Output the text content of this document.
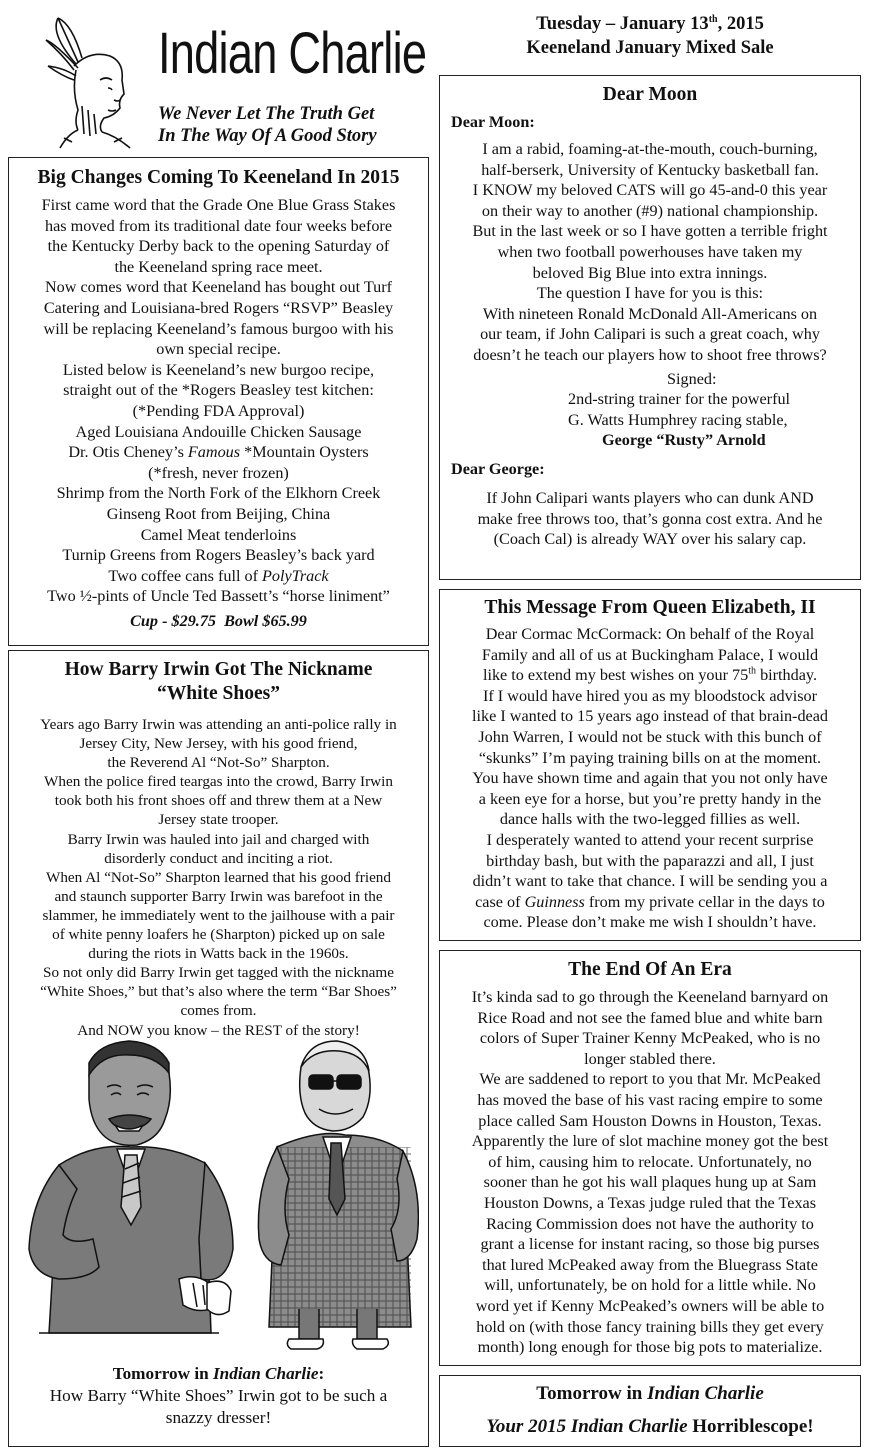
Indian Charlie
We Never Let The Truth Get
In The Way Of A Good Story
Tuesday – January 13th, 2015
Keeneland January Mixed Sale
Big Changes Coming To Keeneland In 2015
First came word that the Grade One Blue Grass Stakes
has moved from its traditional date four weeks before
the Kentucky Derby back to the opening Saturday of
the Keeneland spring race meet.
Now comes word that Keeneland has bought out Turf
Catering and Louisiana-bred Rogers “RSVP” Beasley
will be replacing Keeneland’s famous burgoo with his
own special recipe.
Listed below is Keeneland’s new burgoo recipe,
straight out of the *Rogers Beasley test kitchen:
(*Pending FDA Approval)
Aged Louisiana Andouille Chicken Sausage
Dr. Otis Cheney’s Famous *Mountain Oysters
(*fresh, never frozen)
Shrimp from the North Fork of the Elkhorn Creek
Ginseng Root from Beijing, China
Camel Meat tenderloins
Turnip Greens from Rogers Beasley’s back yard
Two coffee cans full of PolyTrack
Two ½-pints of Uncle Ted Bassett’s “horse liniment”
Cup - $29.75  Bowl $65.99
How Barry Irwin Got The Nickname
“White Shoes”
Years ago Barry Irwin was attending an anti-police rally in
Jersey City, New Jersey, with his good friend,
the Reverend Al “Not-So” Sharpton.
When the police fired teargas into the crowd, Barry Irwin
took both his front shoes off and threw them at a New
Jersey state trooper.
Barry Irwin was hauled into jail and charged with
disorderly conduct and inciting a riot.
When Al “Not-So” Sharpton learned that his good friend
and staunch supporter Barry Irwin was barefoot in the
slammer, he immediately went to the jailhouse with a pair
of white penny loafers he (Sharpton) picked up on sale
during the riots in Watts back in the 1960s.
So not only did Barry Irwin get tagged with the nickname
“White Shoes,” but that’s also where the term “Bar Shoes”
comes from.
And NOW you know – the REST of the story!
Tomorrow in Indian Charlie:
How Barry “White Shoes” Irwin got to be such a
snazzy dresser!
Dear Moon
Dear Moon:
I am a rabid, foaming-at-the-mouth, couch-burning,
half-berserk, University of Kentucky basketball fan.
I KNOW my beloved CATS will go 45-and-0 this year
on their way to another (#9) national championship.
But in the last week or so I have gotten a terrible fright
when two football powerhouses have taken my
beloved Big Blue into extra innings.
The question I have for you is this:
With nineteen Ronald McDonald All-Americans on
our team, if John Calipari is such a great coach, why
doesn’t he teach our players how to shoot free throws?
Signed:
2nd-string trainer for the powerful
G. Watts Humphrey racing stable,
George “Rusty” Arnold
Dear George:
If John Calipari wants players who can dunk AND
make free throws too, that’s gonna cost extra. And he
(Coach Cal) is already WAY over his salary cap.
This Message From Queen Elizabeth, II
Dear Cormac McCormack: On behalf of the Royal
Family and all of us at Buckingham Palace, I would
like to extend my best wishes on your 75th birthday.
If I would have hired you as my bloodstock advisor
like I wanted to 15 years ago instead of that brain-dead
John Warren, I would not be stuck with this bunch of
“skunks” I’m paying training bills on at the moment.
You have shown time and again that you not only have
a keen eye for a horse, but you’re pretty handy in the
dance halls with the two-legged fillies as well.
I desperately wanted to attend your recent surprise
birthday bash, but with the paparazzi and all, I just
didn’t want to take that chance. I will be sending you a
case of Guinness from my private cellar in the days to
come. Please don’t make me wish I shouldn’t have.
The End Of An Era
It’s kinda sad to go through the Keeneland barnyard on
Rice Road and not see the famed blue and white barn
colors of Super Trainer Kenny McPeaked, who is no
longer stabled there.
We are saddened to report to you that Mr. McPeaked
has moved the base of his vast racing empire to some
place called Sam Houston Downs in Houston, Texas.
Apparently the lure of slot machine money got the best
of him, causing him to relocate. Unfortunately, no
sooner than he got his wall plaques hung up at Sam
Houston Downs, a Texas judge ruled that the Texas
Racing Commission does not have the authority to
grant a license for instant racing, so those big purses
that lured McPeaked away from the Bluegrass State
will, unfortunately, be on hold for a little while. No
word yet if Kenny McPeaked’s owners will be able to
hold on (with those fancy training bills they get every
month) long enough for those big pots to materialize.
Tomorrow in Indian Charlie
Your 2015 Indian Charlie Horriblescope!
